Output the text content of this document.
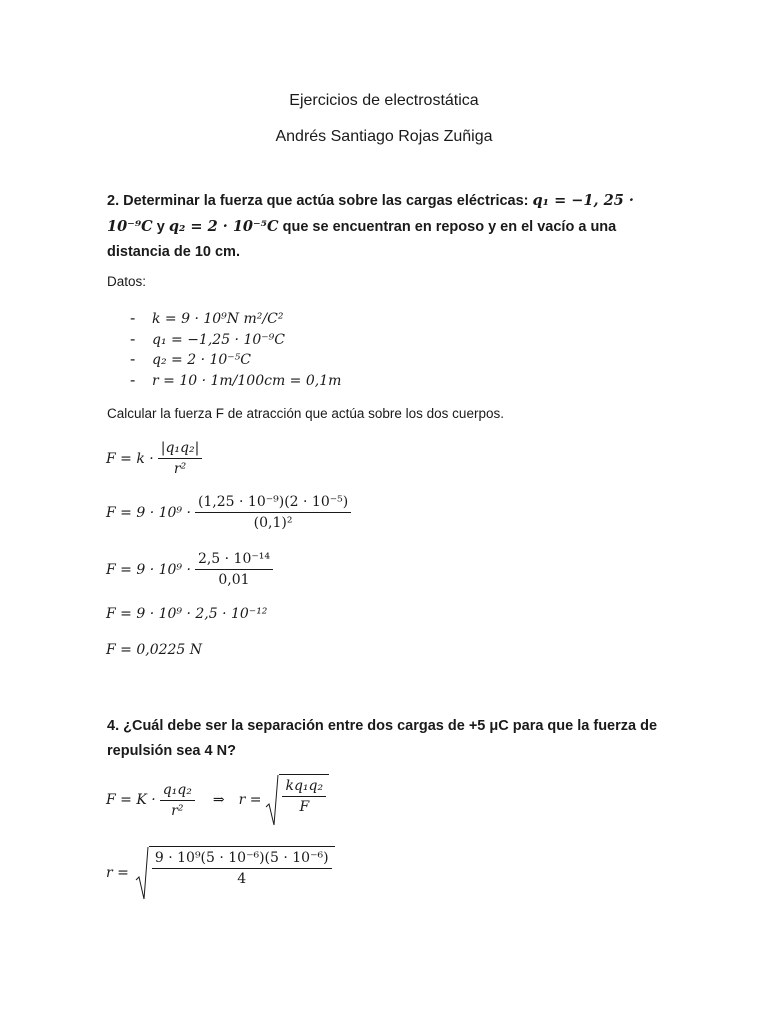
Ejercicios de electrostática
Andrés Santiago Rojas Zuñiga
2. Determinar la fuerza que actúa sobre las cargas eléctricas: q₁ = −1, 25 ·
10⁻⁹C y q₂ = 2 · 10⁻⁵C que se encuentran en reposo y en el vacío a una
distancia de 10 cm.
Datos:
- k = 9 · 10⁹N m²/C²
- q₁ = −1,25 · 10⁻⁹C
- q₂ = 2 · 10⁻⁵C
- r = 10 · 1m/100cm = 0,1m
Calcular la fuerza F de atracción que actúa sobre los dos cuerpos.
$F = k \cdot \frac{\text{|q₁q₂|}}{\text{r²}}$
$F = 9 \cdot 10^9 \cdot \frac{\text{(1,25 · 10⁻⁹)(2 · 10⁻⁵)}}{\text{(0,1)²}}$
$F = 9 \cdot 10^9 \cdot \frac{\text{2,5 · 10⁻¹⁴}}{0,01}$
F = 9 · 10⁹ · 2,5 · 10⁻¹²
F = 0,0225 N
4. ¿Cuál debe ser la separación entre dos cargas de +5 μC para que la fuerza de
repulsión sea 4 N?
$F = K \cdot \frac{\text{q₁q₂}}{\text{r²}}$ ⇒ $r = \frac{\text{kq₁q₂}}{F}$
$r = \frac{\text{9 · 10⁹(5 · 10⁻⁶)(5 · 10⁻⁶)}}{4}$
